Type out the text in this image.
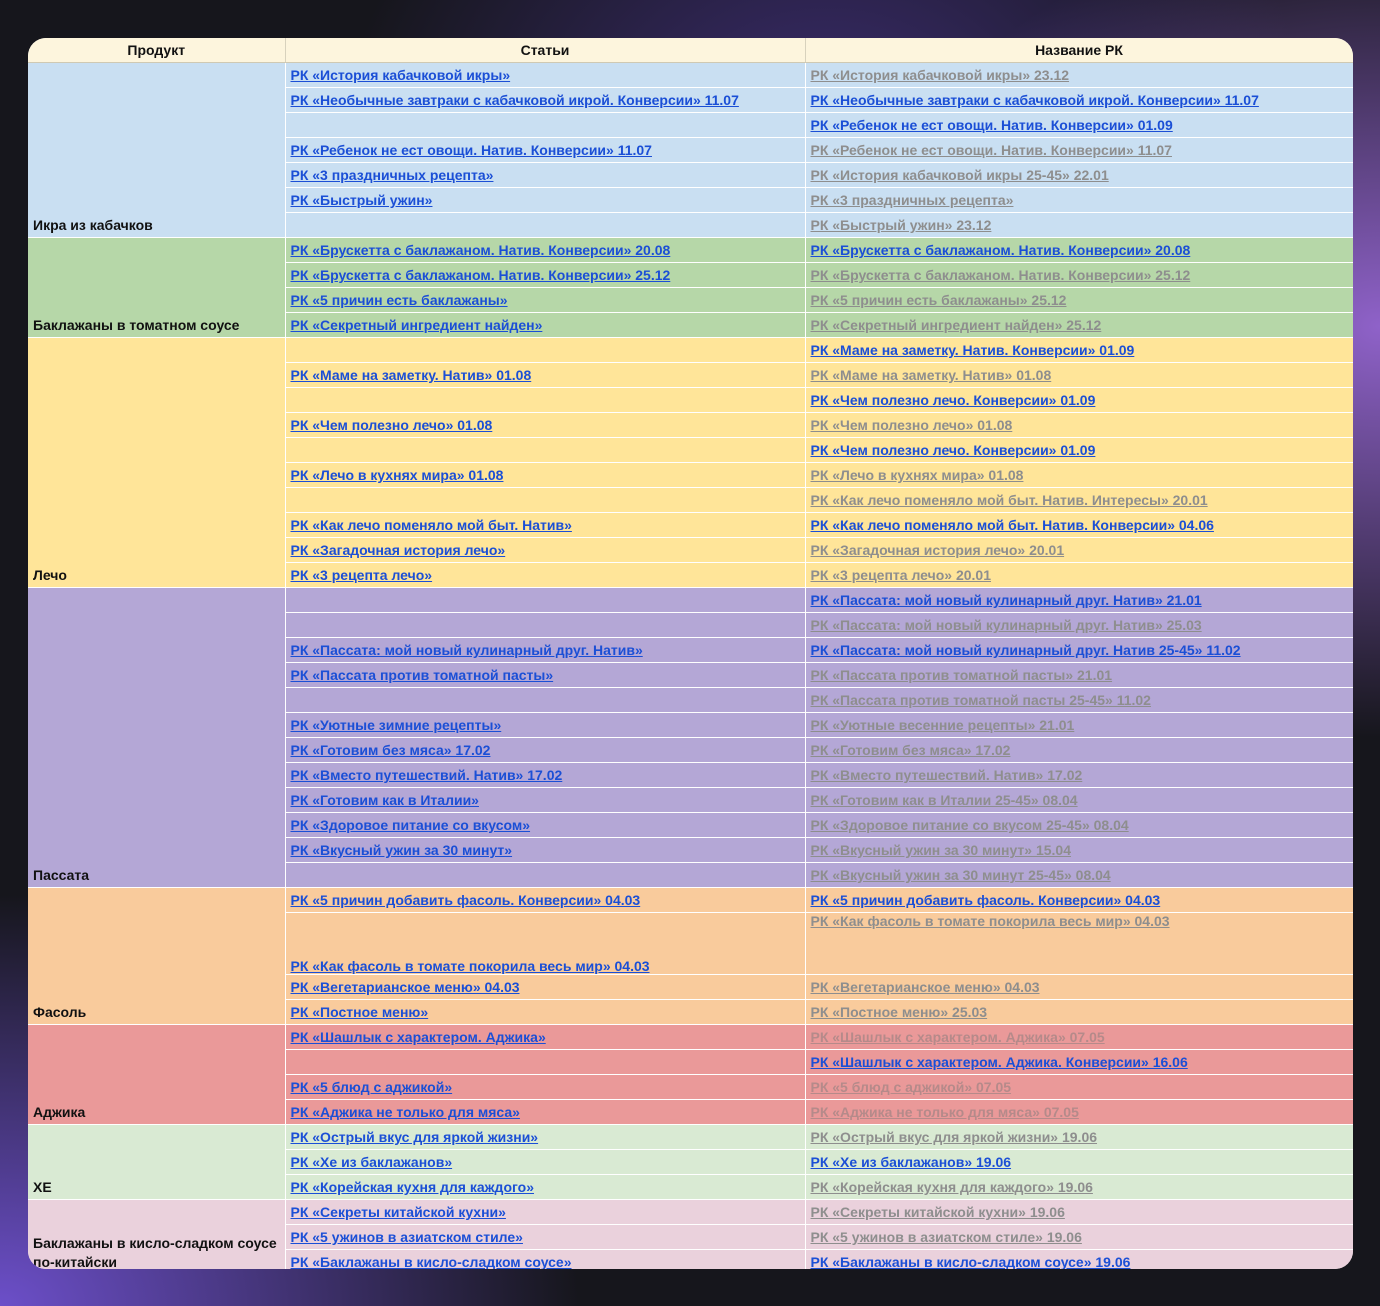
Продукт	Статьи	Название РК
Икра из кабачков	РК «История кабачковой икры»	РК «История кабачковой икры» 23.12
	РК «Необычные завтраки с кабачковой икрой. Конверсии» 11.07	РК «Необычные завтраки с кабачковой икрой. Конверсии» 11.07
		РК «Ребенок не ест овощи. Натив. Конверсии» 01.09
	РК «Ребенок не ест овощи. Натив. Конверсии» 11.07	РК «Ребенок не ест овощи. Натив. Конверсии» 11.07
	РК «3 праздничных рецепта»	РК «История кабачковой икры 25-45» 22.01
	РК «Быстрый ужин»	РК «3 праздничных рецепта»
		РК «Быстрый ужин» 23.12
Баклажаны в томатном соусе	РК «Брускетта с баклажаном. Натив. Конверсии» 20.08	РК «Брускетта с баклажаном. Натив. Конверсии» 20.08
	РК «Брускетта с баклажаном. Натив. Конверсии» 25.12	РК «Брускетта с баклажаном. Натив. Конверсии» 25.12
	РК «5 причин есть баклажаны»	РК «5 причин есть баклажаны» 25.12
	РК «Секретный ингредиент найден»	РК «Секретный ингредиент найден» 25.12
Лечо		РК «Маме на заметку. Натив. Конверсии» 01.09
	РК «Маме на заметку. Натив» 01.08	РК «Маме на заметку. Натив» 01.08
		РК «Чем полезно лечо. Конверсии» 01.09
	РК «Чем полезно лечо» 01.08	РК «Чем полезно лечо» 01.08
		РК «Чем полезно лечо. Конверсии» 01.09
	РК «Лечо в кухнях мира» 01.08	РК «Лечо в кухнях мира» 01.08
		РК «Как лечо поменяло мой быт. Натив. Интересы» 20.01
	РК «Как лечо поменяло мой быт. Натив»	РК «Как лечо поменяло мой быт. Натив. Конверсии» 04.06
	РК «Загадочная история лечо»	РК «Загадочная история лечо» 20.01
	РК «3 рецепта лечо»	РК «3 рецепта лечо» 20.01
Пассата		РК «Пассата: мой новый кулинарный друг. Натив» 21.01
		РК «Пассата: мой новый кулинарный друг. Натив» 25.03
	РК «Пассата: мой новый кулинарный друг. Натив»	РК «Пассата: мой новый кулинарный друг. Натив 25-45» 11.02
	РК «Пассата против томатной пасты»	РК «Пассата против томатной пасты» 21.01
		РК «Пассата против томатной пасты 25-45» 11.02
	РК «Уютные зимние рецепты»	РК «Уютные весенние рецепты» 21.01
	РК «Готовим без мяса» 17.02	РК «Готовим без мяса» 17.02
	РК «Вместо путешествий. Натив» 17.02	РК «Вместо путешествий. Натив» 17.02
	РК «Готовим как в Италии»	РК «Готовим как в Италии 25-45» 08.04
	РК «Здоровое питание со вкусом»	РК «Здоровое питание со вкусом 25-45» 08.04
	РК «Вкусный ужин за 30 минут»	РК «Вкусный ужин за 30 минут» 15.04
		РК «Вкусный ужин за 30 минут 25-45» 08.04
Фасоль	РК «5 причин добавить фасоль. Конверсии» 04.03	РК «5 причин добавить фасоль. Конверсии» 04.03
	РК «Как фасоль в томате покорила весь мир» 04.03	РК «Как фасоль в томате покорила весь мир» 04.03
	РК «Вегетарианское меню» 04.03	РК «Вегетарианское меню» 04.03
	РК «Постное меню»	РК «Постное меню» 25.03
Аджика	РК «Шашлык с характером. Аджика»	РК «Шашлык с характером. Аджика» 07.05
		РК «Шашлык с характером. Аджика. Конверсии» 16.06
	РК «5 блюд с аджикой»	РК «5 блюд с аджикой» 07.05
	РК «Аджика не только для мяса»	РК «Аджика не только для мяса» 07.05
ХЕ	РК «Острый вкус для яркой жизни»	РК «Острый вкус для яркой жизни» 19.06
	РК «Хе из баклажанов»	РК «Хе из баклажанов» 19.06
	РК «Корейская кухня для каждого»	РК «Корейская кухня для каждого» 19.06
Баклажаны в кисло-сладком соусе по-китайски	РК «Секреты китайской кухни»	РК «Секреты китайской кухни» 19.06
	РК «5 ужинов в азиатском стиле»	РК «5 ужинов в азиатском стиле» 19.06
	РК «Баклажаны в кисло-сладком соусе»	РК «Баклажаны в кисло-сладком соусе» 19.06
